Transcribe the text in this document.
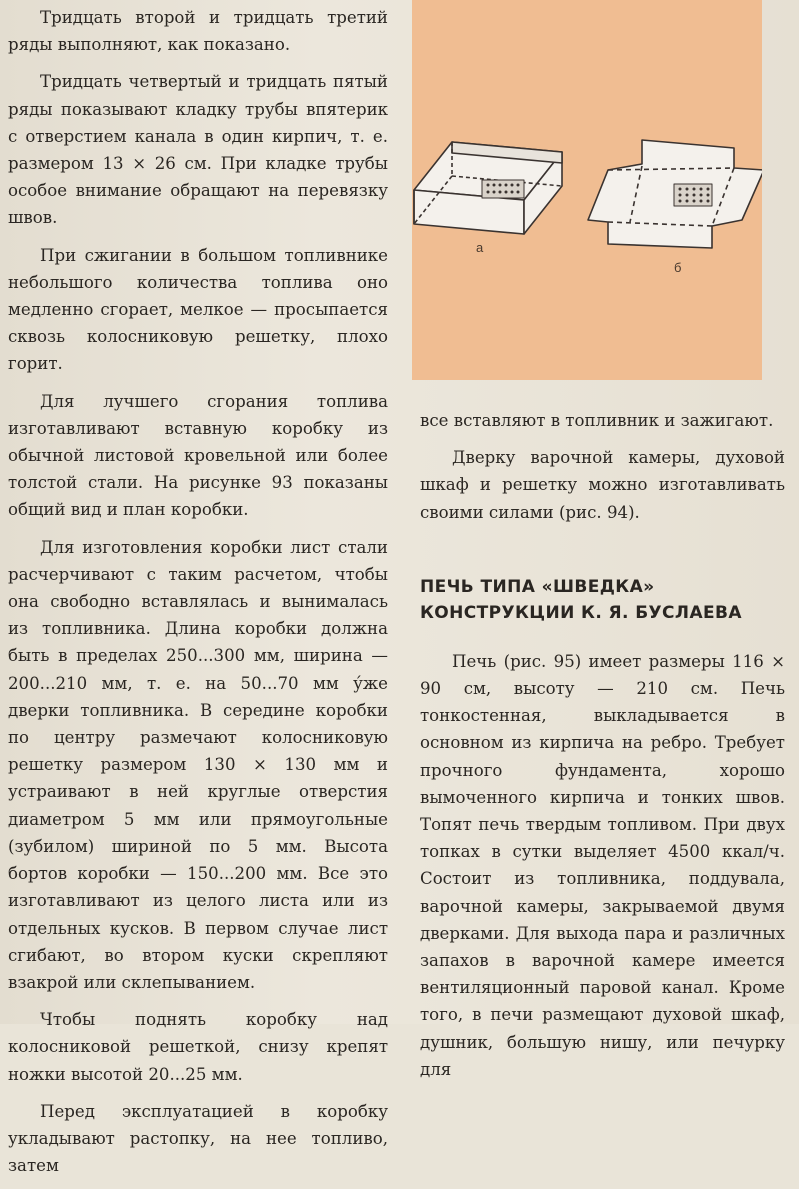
Тридцать второй и тридцать третий ряды выполняют, как показано.

Тридцать четвертый и тридцать пятый ряды показывают кладку трубы впятерик с отверстием канала в один кирпич, т. е. размером 13 × 26 см. При кладке трубы особое внимание обращают на перевязку швов.

При сжигании в большом топливнике небольшого количества топлива оно медленно сгорает, мелкое — просыпается сквозь колосниковую решетку, плохо горит.

Для лучшего сгорания топлива изготавливают вставную коробку из обычной листовой кровельной или более толстой стали. На рисунке 93 показаны общий вид и план коробки.

Для изготовления коробки лист стали расчерчивают с таким расчетом, чтобы она свободно вставлялась и вынималась из топливника. Длина коробки должна быть в пределах 250...300 мм, ширина — 200...210 мм, т. е. на 50...70 мм у́же дверки топливника. В середине коробки по центру размечают колосниковую решетку размером 130 × 130 мм и устраивают в ней круглые отверстия диаметром 5 мм или прямоугольные (зубилом) шириной по 5 мм. Высота бортов коробки — 150...200 мм. Все это изготавливают из целого листа или из отдельных кусков. В первом случае лист сгибают, во втором куски скрепляют взакрой или склепыванием.

Чтобы поднять коробку над колосниковой решеткой, снизу крепят ножки высотой 20...25 мм.

Перед эксплуатацией в коробку укладывают растопку, на нее топливо, затем

а
б

все вставляют в топливник и зажигают.

Дверку варочной камеры, духовой шкаф и решетку можно изготавливать своими силами (рис. 94).

ПЕЧЬ ТИПА «ШВЕДКА»
КОНСТРУКЦИИ К. Я. БУСЛАЕВА

Печь (рис. 95) имеет размеры 116 × 90 см, высоту — 210 см. Печь тонкостенная, выкладывается в основном из кирпича на ребро. Требует прочного фундамента, хорошо вымоченного кирпича и тонких швов. Топят печь твердым топливом. При двух топках в сутки выделяет 4500 ккал/ч. Состоит из топливника, поддувала, варочной камеры, закрываемой двумя дверками. Для выхода пара и различных запахов в варочной камере имеется вентиляционный паровой канал. Кроме того, в печи размещают духовой шкаф, душник, большую нишу, или печурку для
